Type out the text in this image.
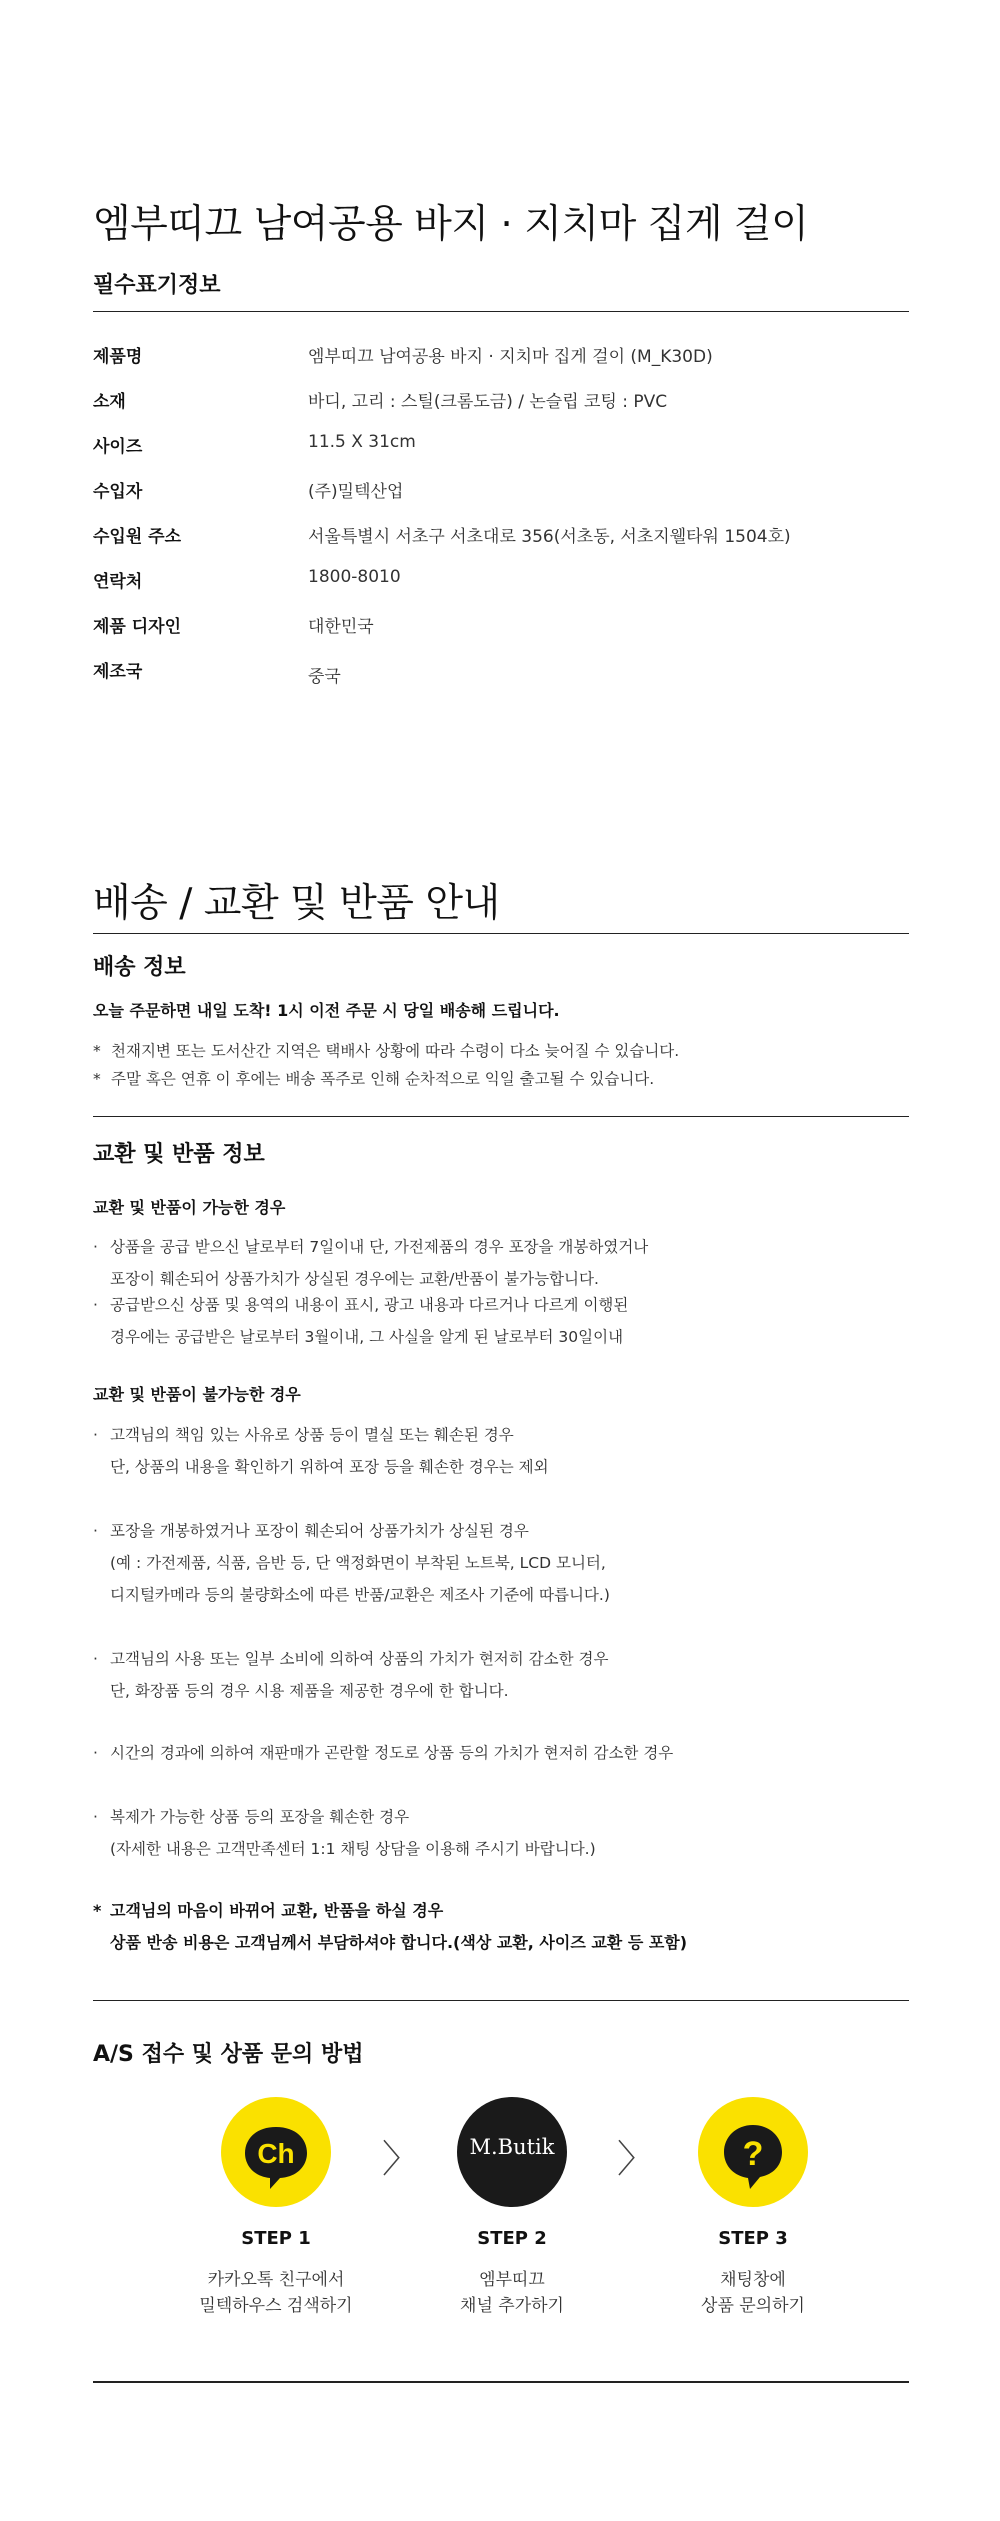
엠부띠끄 남여공용 바지 · 지치마 집게 걸이
필수표기정보
제품명	엠부띠끄 남여공용 바지 · 지치마 집게 걸이 (M_K30D)
소재	바디, 고리 : 스틸(크롬도금) / 논슬립 코팅 : PVC
사이즈	11.5 X 31cm
수입자	(주)밀텍산업
수입원 주소	서울특별시 서초구 서초대로 356(서초동, 서초지웰타워 1504호)
연락처	1800-8010
제품 디자인	대한민국
제조국	중국
배송 / 교환 및 반품 안내
배송 정보
오늘 주문하면 내일 도착! 1시 이전 주문 시 당일 배송해 드립니다.
* 천재지변 또는 도서산간 지역은 택배사 상황에 따라 수령이 다소 늦어질 수 있습니다.
* 주말 혹은 연휴 이 후에는 배송 폭주로 인해 순차적으로 익일 출고될 수 있습니다.
교환 및 반품 정보
교환 및 반품이 가능한 경우
· 상품을 공급 받으신 날로부터 7일이내 단, 가전제품의 경우 포장을 개봉하였거나
포장이 훼손되어 상품가치가 상실된 경우에는 교환/반품이 불가능합니다.
· 공급받으신 상품 및 용역의 내용이 표시, 광고 내용과 다르거나 다르게 이행된
경우에는 공급받은 날로부터 3월이내, 그 사실을 알게 된 날로부터 30일이내
교환 및 반품이 불가능한 경우
· 고객님의 책임 있는 사유로 상품 등이 멸실 또는 훼손된 경우
단, 상품의 내용을 확인하기 위하여 포장 등을 훼손한 경우는 제외
· 포장을 개봉하였거나 포장이 훼손되어 상품가치가 상실된 경우
(예 : 가전제품, 식품, 음반 등, 단 액정화면이 부착된 노트북, LCD 모니터,
디지털카메라 등의 불량화소에 따른 반품/교환은 제조사 기준에 따릅니다.)
· 고객님의 사용 또는 일부 소비에 의하여 상품의 가치가 현저히 감소한 경우
단, 화장품 등의 경우 시용 제품을 제공한 경우에 한 합니다.
· 시간의 경과에 의하여 재판매가 곤란할 정도로 상품 등의 가치가 현저히 감소한 경우
· 복제가 가능한 상품 등의 포장을 훼손한 경우
(자세한 내용은 고객만족센터 1:1 채팅 상담을 이용해 주시기 바랍니다.)
* 고객님의 마음이 바뀌어 교환, 반품을 하실 경우
상품 반송 비용은 고객님께서 부담하셔야 합니다.(색상 교환, 사이즈 교환 등 포함)
A/S 접수 및 상품 문의 방법
Ch 〉	M.Butik	〉	?
STEP 1	STEP 2	STEP 3
카카오톡 친구에서
밀텍하우스 검색하기
엠부띠끄
채널 추가하기
채팅창에
상품 문의하기
